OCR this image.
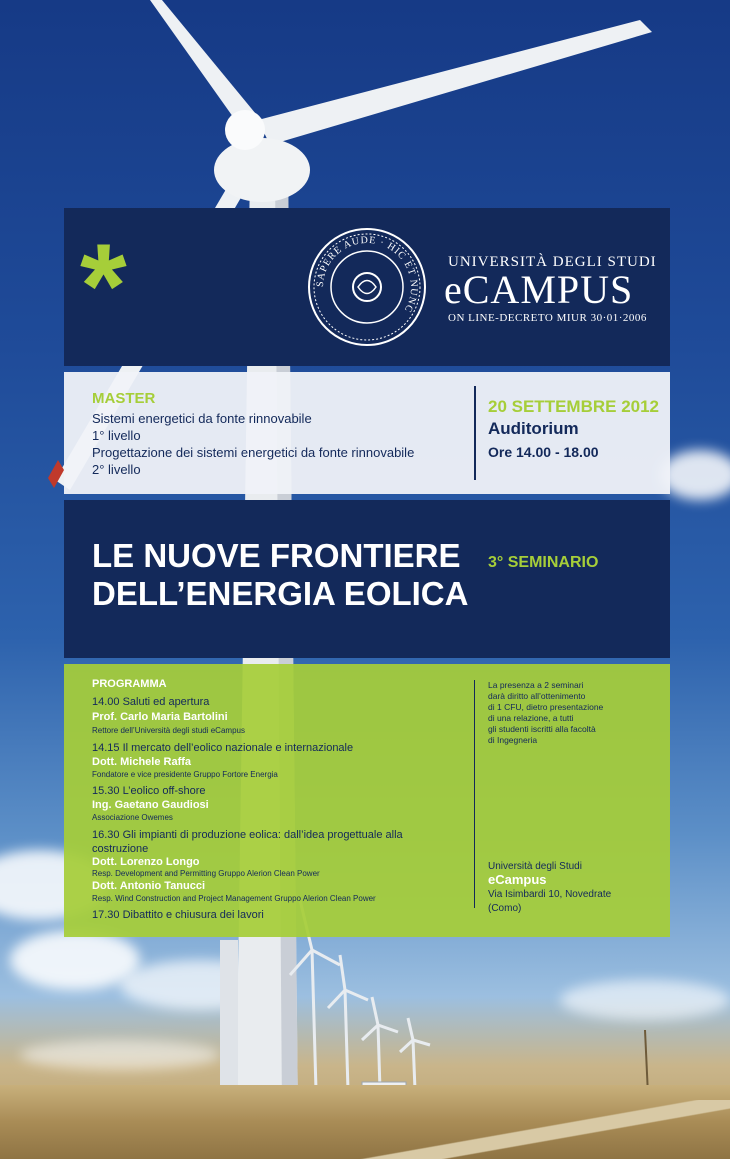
*	SAPERE AUDE · HIC ET NUNC
UNIVERSITÀ DEGLI STUDI
eCAMPUS
ON LINE-DECRETO MIUR 30·01·2006
MASTER
Sistemi energetici da fonte rinnovabile
1° livello
Progettazione dei sistemi energetici da fonte rinnovabile
2° livello
20 SETTEMBRE 2012
Auditorium
Ore 14.00 - 18.00
LE NUOVE FRONTIERE
DELL’ENERGIA EOLICA
3° SEMINARIO
PROGRAMMA
14.00 Saluti ed apertura
Prof. Carlo Maria Bartolini
Rettore dell’Università degli studi eCampus
14.15 Il mercato dell’eolico nazionale e internazionale
Dott. Michele Raffa
Fondatore e vice presidente Gruppo Fortore Energia
15.30 L’eolico off-shore
Ing. Gaetano Gaudiosi
Associazione Owemes
16.30 Gli impianti di produzione eolica: dall’idea progettuale alla
costruzione
Dott. Lorenzo Longo
Resp. Development and Permitting Gruppo Alerion Clean Power
Dott. Antonio Tanucci
Resp. Wind Construction and Project Management Gruppo Alerion Clean Power
17.30 Dibattito e chiusura dei lavori
La presenza a 2 seminari
darà diritto all’ottenimento
di 1 CFU, dietro presentazione
di una relazione, a tutti
gli studenti iscritti alla facoltà
di Ingegneria
Università degli Studi
eCampus
Via Isimbardi 10, Novedrate
(Como)
